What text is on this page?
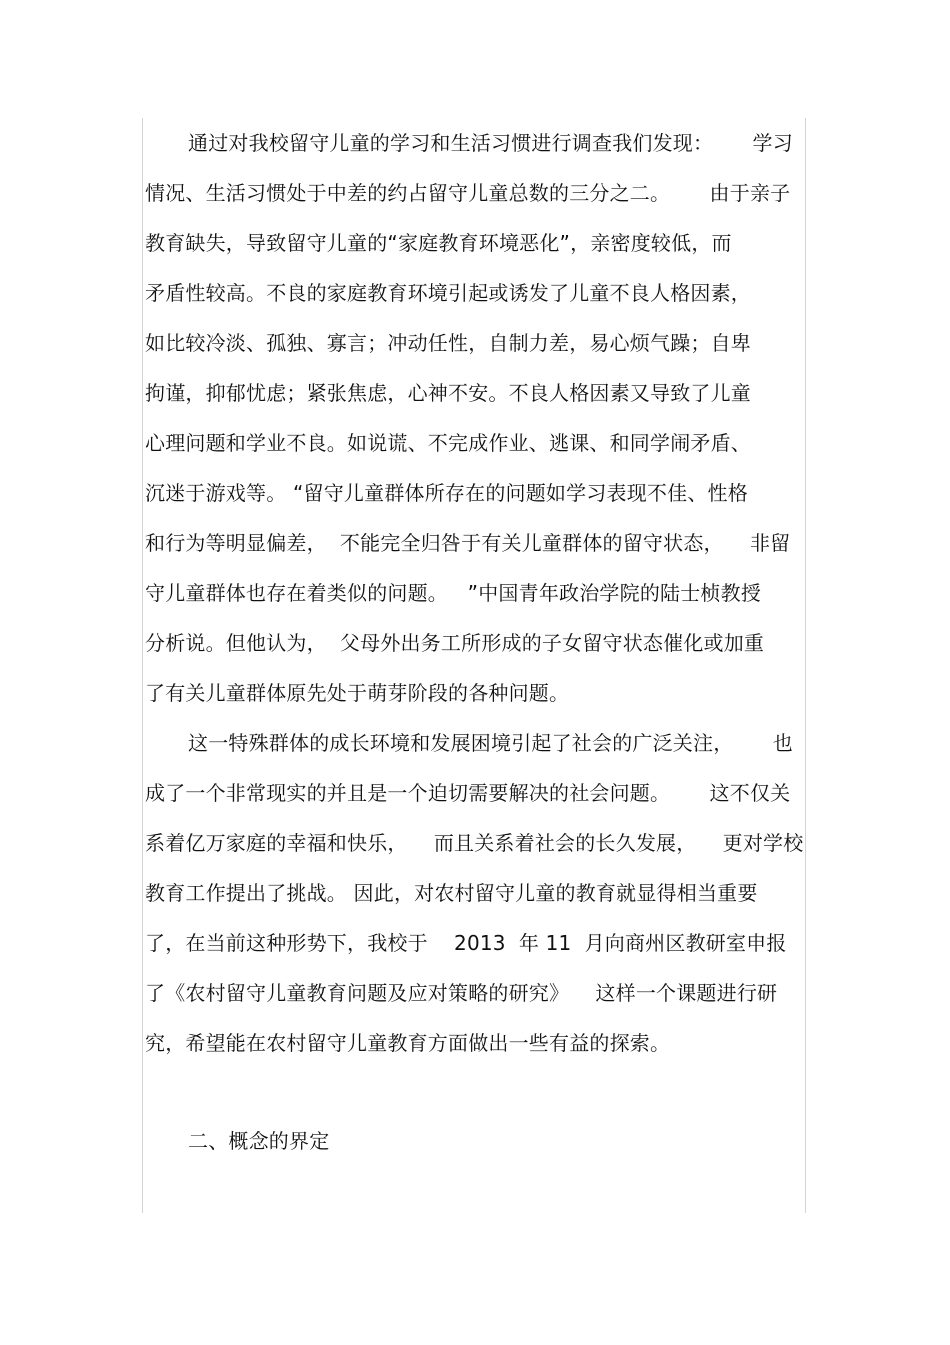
通过对我校留守儿童的学习和生活习惯进行调查我们发现：      学习
情况、生活习惯处于中差的约占留守儿童总数的三分之二。      由于亲子
教育缺失，导致留守儿童的“家庭教育环境恶化”，亲密度较低，而
矛盾性较高。不良的家庭教育环境引起或诱发了儿童不良人格因素，
如比较冷淡、孤独、寡言；冲动任性，自制力差，易心烦气躁；自卑
拘谨，抑郁忧虑；紧张焦虑，心神不安。不良人格因素又导致了儿童
心理问题和学业不良。如说谎、不完成作业、逃课、和同学闹矛盾、
沉迷于游戏等。 “留守儿童群体所存在的问题如学习表现不佳、性格
和行为等明显偏差，  不能完全归咎于有关儿童群体的留守状态，    非留
守儿童群体也存在着类似的问题。   ”中国青年政治学院的陆士桢教授
分析说。但他认为，  父母外出务工所形成的子女留守状态催化或加重
了有关儿童群体原先处于萌芽阶段的各种问题。
这一特殊群体的成长环境和发展困境引起了社会的广泛关注，      也
成了一个非常现实的并且是一个迫切需要解决的社会问题。      这不仅关
系着亿万家庭的幸福和快乐，    而且关系着社会的长久发展，    更对学校
教育工作提出了挑战。 因此，对农村留守儿童的教育就显得相当重要
了，在当前这种形势下，我校于    2013  年 11  月向商州区教研室申报
了《农村留守儿童教育问题及应对策略的研究》    这样一个课题进行研
究，希望能在农村留守儿童教育方面做出一些有益的探索。
二、概念的界定
